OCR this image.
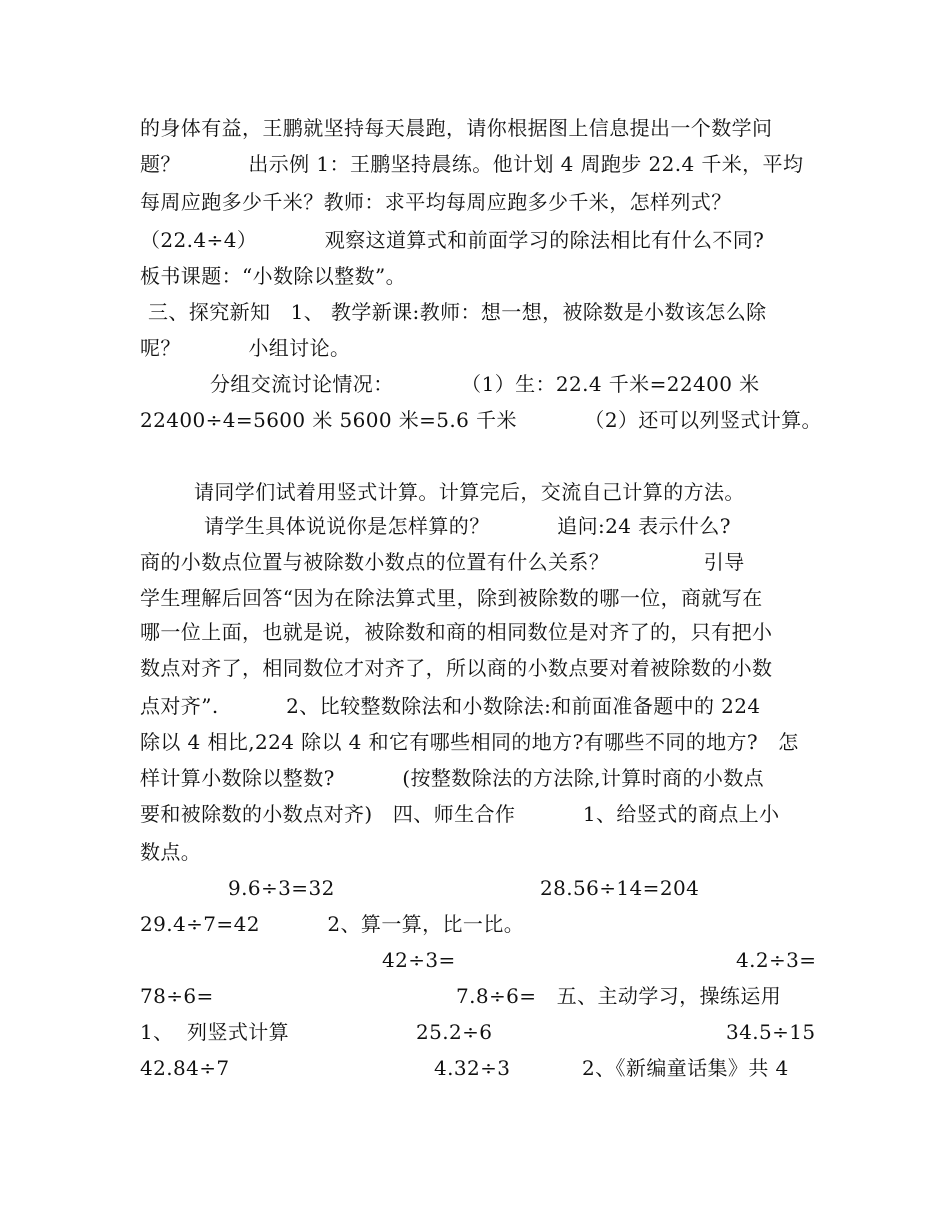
的身体有益，王鹏就坚持每天晨跑，请你根据图上信息提出一个数学问
题？          出示例 1：王鹏坚持晨练。他计划 4 周跑步 22.4 千米，平均
每周应跑多少千米？教师：求平均每周应跑多少千米，怎样列式？
（22.4÷4）          观察这道算式和前面学习的除法相比有什么不同?
板书课题：“小数除以整数”。
三、探究新知   1、 教学新课:教师：想一想，被除数是小数该怎么除
呢？          小组讨论。
分组交流讨论情况：          （1）生：22.4 千米=22400 米
22400÷4=5600 米 5600 米=5.6 千米          （2）还可以列竖式计算。
请同学们试着用竖式计算。计算完后，交流自己计算的方法。
请学生具体说说你是怎样算的？          追问:24 表示什么?
商的小数点位置与被除数小数点的位置有什么关系？              引导
学生理解后回答“因为在除法算式里，除到被除数的哪一位，商就写在
哪一位上面，也就是说，被除数和商的相同数位是对齐了的，只有把小
数点对齐了，相同数位才对齐了，所以商的小数点要对着被除数的小数
点对齐”.          2、比较整数除法和小数除法:和前面准备题中的 224
除以 4 相比,224 除以 4 和它有哪些相同的地方?有哪些不同的地方?   怎
样计算小数除以整数?          (按整数除法的方法除,计算时商的小数点
要和被除数的小数点对齐)   四、师生合作          1、给竖式的商点上小
数点。
9.6÷3=32	28.56÷14=204
29.4÷7=42          2、算一算，比一比。
42÷3=	4.2÷3=
78÷6=	7.8÷6=   五、主动学习，操练运用
1、  列竖式计算	25.2÷6	34.5÷15
42.84÷7	4.32÷3	2、《新编童话集》共 4
